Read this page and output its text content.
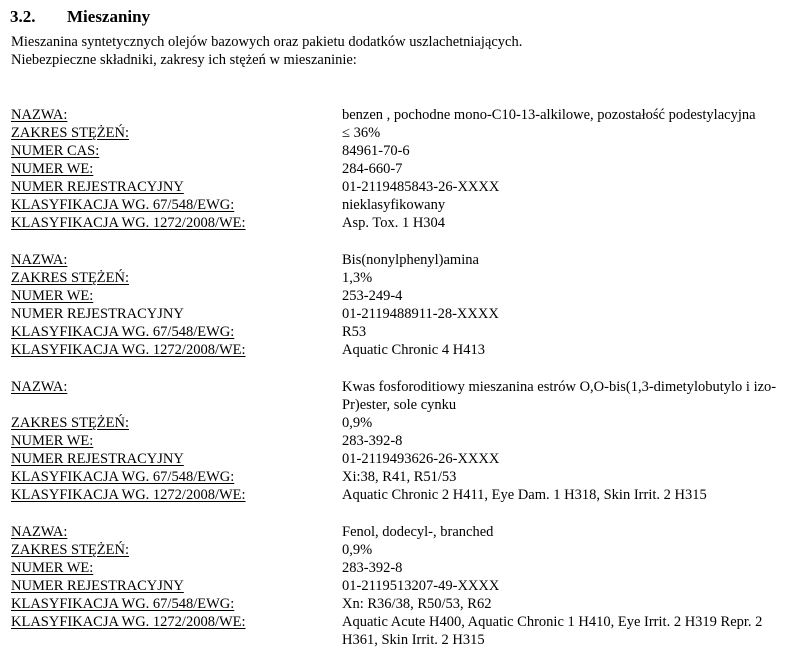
3.2. Mieszaniny
Mieszanina syntetycznych olejów bazowych oraz pakietu dodatków uszlachetniających.
Niebezpieczne składniki, zakresy ich stężeń w mieszaninie:
NAZWA:	benzen , pochodne mono-C10-13-alkilowe, pozostałość podestylacyjna
ZAKRES STĘŻEŃ:	≤ 36%
NUMER CAS:	84961-70-6
NUMER WE:	284-660-7
NUMER REJESTRACYJNY	01-2119485843-26-XXXX
KLASYFIKACJA WG. 67/548/EWG:	nieklasyfikowany
KLASYFIKACJA WG. 1272/2008/WE:	Asp. Tox. 1 H304
NAZWA:	Bis(nonylphenyl)amina
ZAKRES STĘŻEŃ:	1,3%
NUMER WE:	253-249-4
NUMER REJESTRACYJNY	01-2119488911-28-XXXX
KLASYFIKACJA WG. 67/548/EWG:	R53
KLASYFIKACJA WG. 1272/2008/WE:	Aquatic Chronic 4 H413
NAZWA:	Kwas fosforoditiowy mieszanina estrów O,O-bis(1,3-dimetylobutylo i izo-Pr)ester, sole cynku
ZAKRES STĘŻEŃ:	0,9%
NUMER WE:	283-392-8
NUMER REJESTRACYJNY	01-2119493626-26-XXXX
KLASYFIKACJA WG. 67/548/EWG:	Xi:38, R41, R51/53
KLASYFIKACJA WG. 1272/2008/WE:	Aquatic Chronic 2 H411, Eye Dam. 1 H318, Skin Irrit. 2 H315
NAZWA:	Fenol, dodecyl-, branched
ZAKRES STĘŻEŃ:	0,9%
NUMER WE:	283-392-8
NUMER REJESTRACYJNY	01-2119513207-49-XXXX
KLASYFIKACJA WG. 67/548/EWG:	Xn: R36/38, R50/53, R62
KLASYFIKACJA WG. 1272/2008/WE:	Aquatic Acute H400, Aquatic Chronic 1 H410, Eye Irrit. 2 H319 Repr. 2 H361, Skin Irrit. 2 H315
